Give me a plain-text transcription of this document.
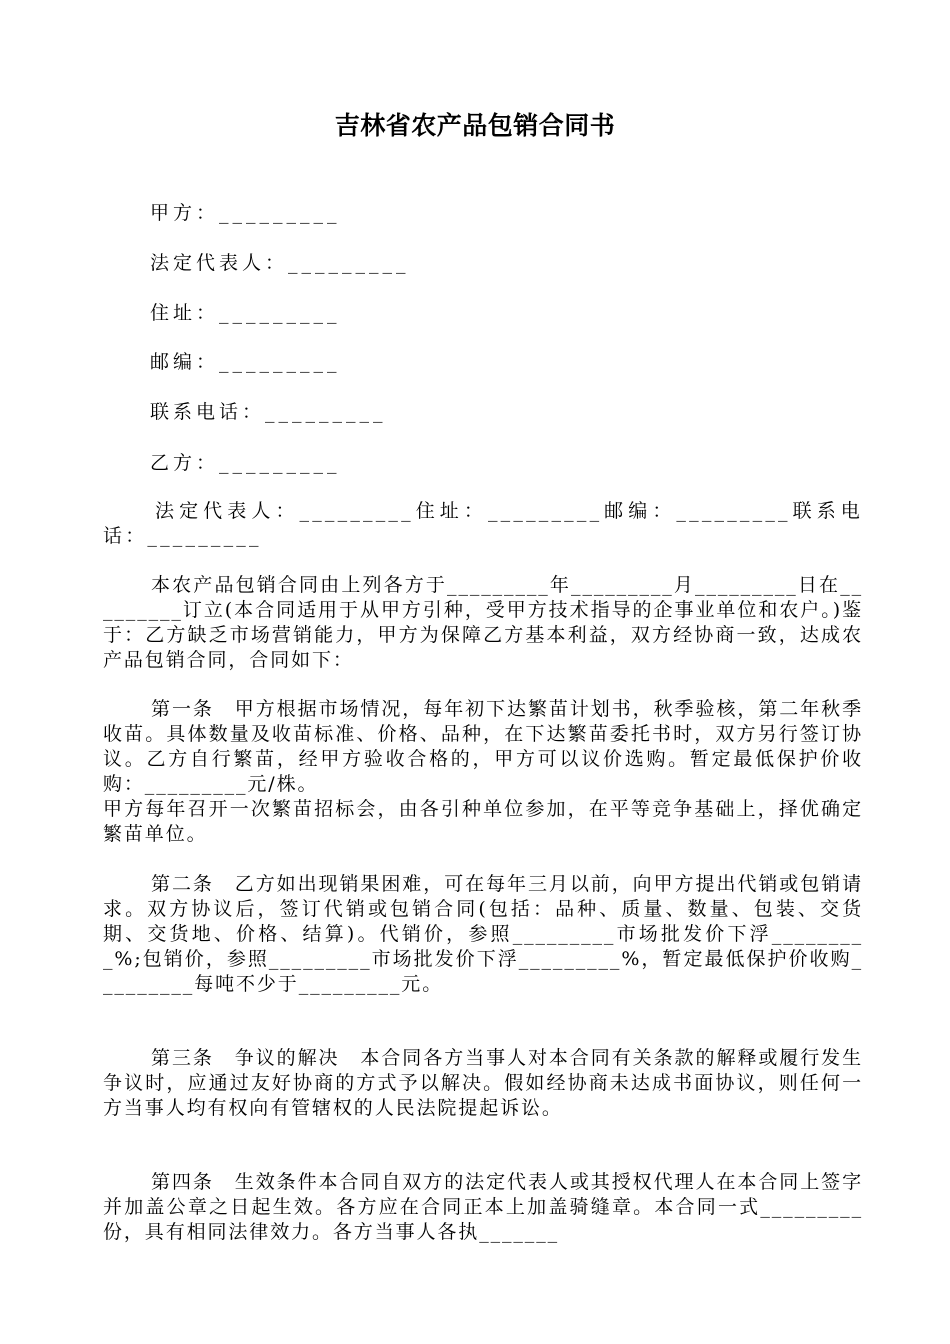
吉林省农产品包销合同书
甲方：_________
法定代表人：_________
住址：_________
邮编：_________
联系电话：_________
乙方：_________

法定代表人：_________住址：_________邮编：_________联系电话：_________

本农产品包销合同由上列各方于_________年_________月_________日在_________订立(本合同适用于从甲方引种，受甲方技术指导的企事业单位和农户。)鉴于：乙方缺乏市场营销能力，甲方为保障乙方基本利益，双方经协商一致，达成农产品包销合同，合同如下：

第一条　甲方根据市场情况，每年初下达繁苗计划书，秋季验核，第二年秋季收苗。具体数量及收苗标准、价格、品种，在下达繁苗委托书时，双方另行签订协议。乙方自行繁苗，经甲方验收合格的，甲方可以议价选购。暂定最低保护价收购：_________元/株。

甲方每年召开一次繁苗招标会，由各引种单位参加，在平等竞争基础上，择优确定繁苗单位。

第二条　乙方如出现销果困难，可在每年三月以前，向甲方提出代销或包销请求。双方协议后，签订代销或包销合同(包括：品种、质量、数量、包装、交货期、交货地、价格、结算)。代销价，参照_________市场批发价下浮_________%;包销价，参照_________市场批发价下浮_________%，暂定最低保护价收购_________每吨不少于_________元。

第三条　争议的解决　本合同各方当事人对本合同有关条款的解释或履行发生争议时，应通过友好协商的方式予以解决。假如经协商未达成书面协议，则任何一方当事人均有权向有管辖权的人民法院提起诉讼。

第四条　生效条件本合同自双方的法定代表人或其授权代理人在本合同上签字并加盖公章之日起生效。各方应在合同正本上加盖骑缝章。本合同一式_________份，具有相同法律效力。各方当事人各执_______
